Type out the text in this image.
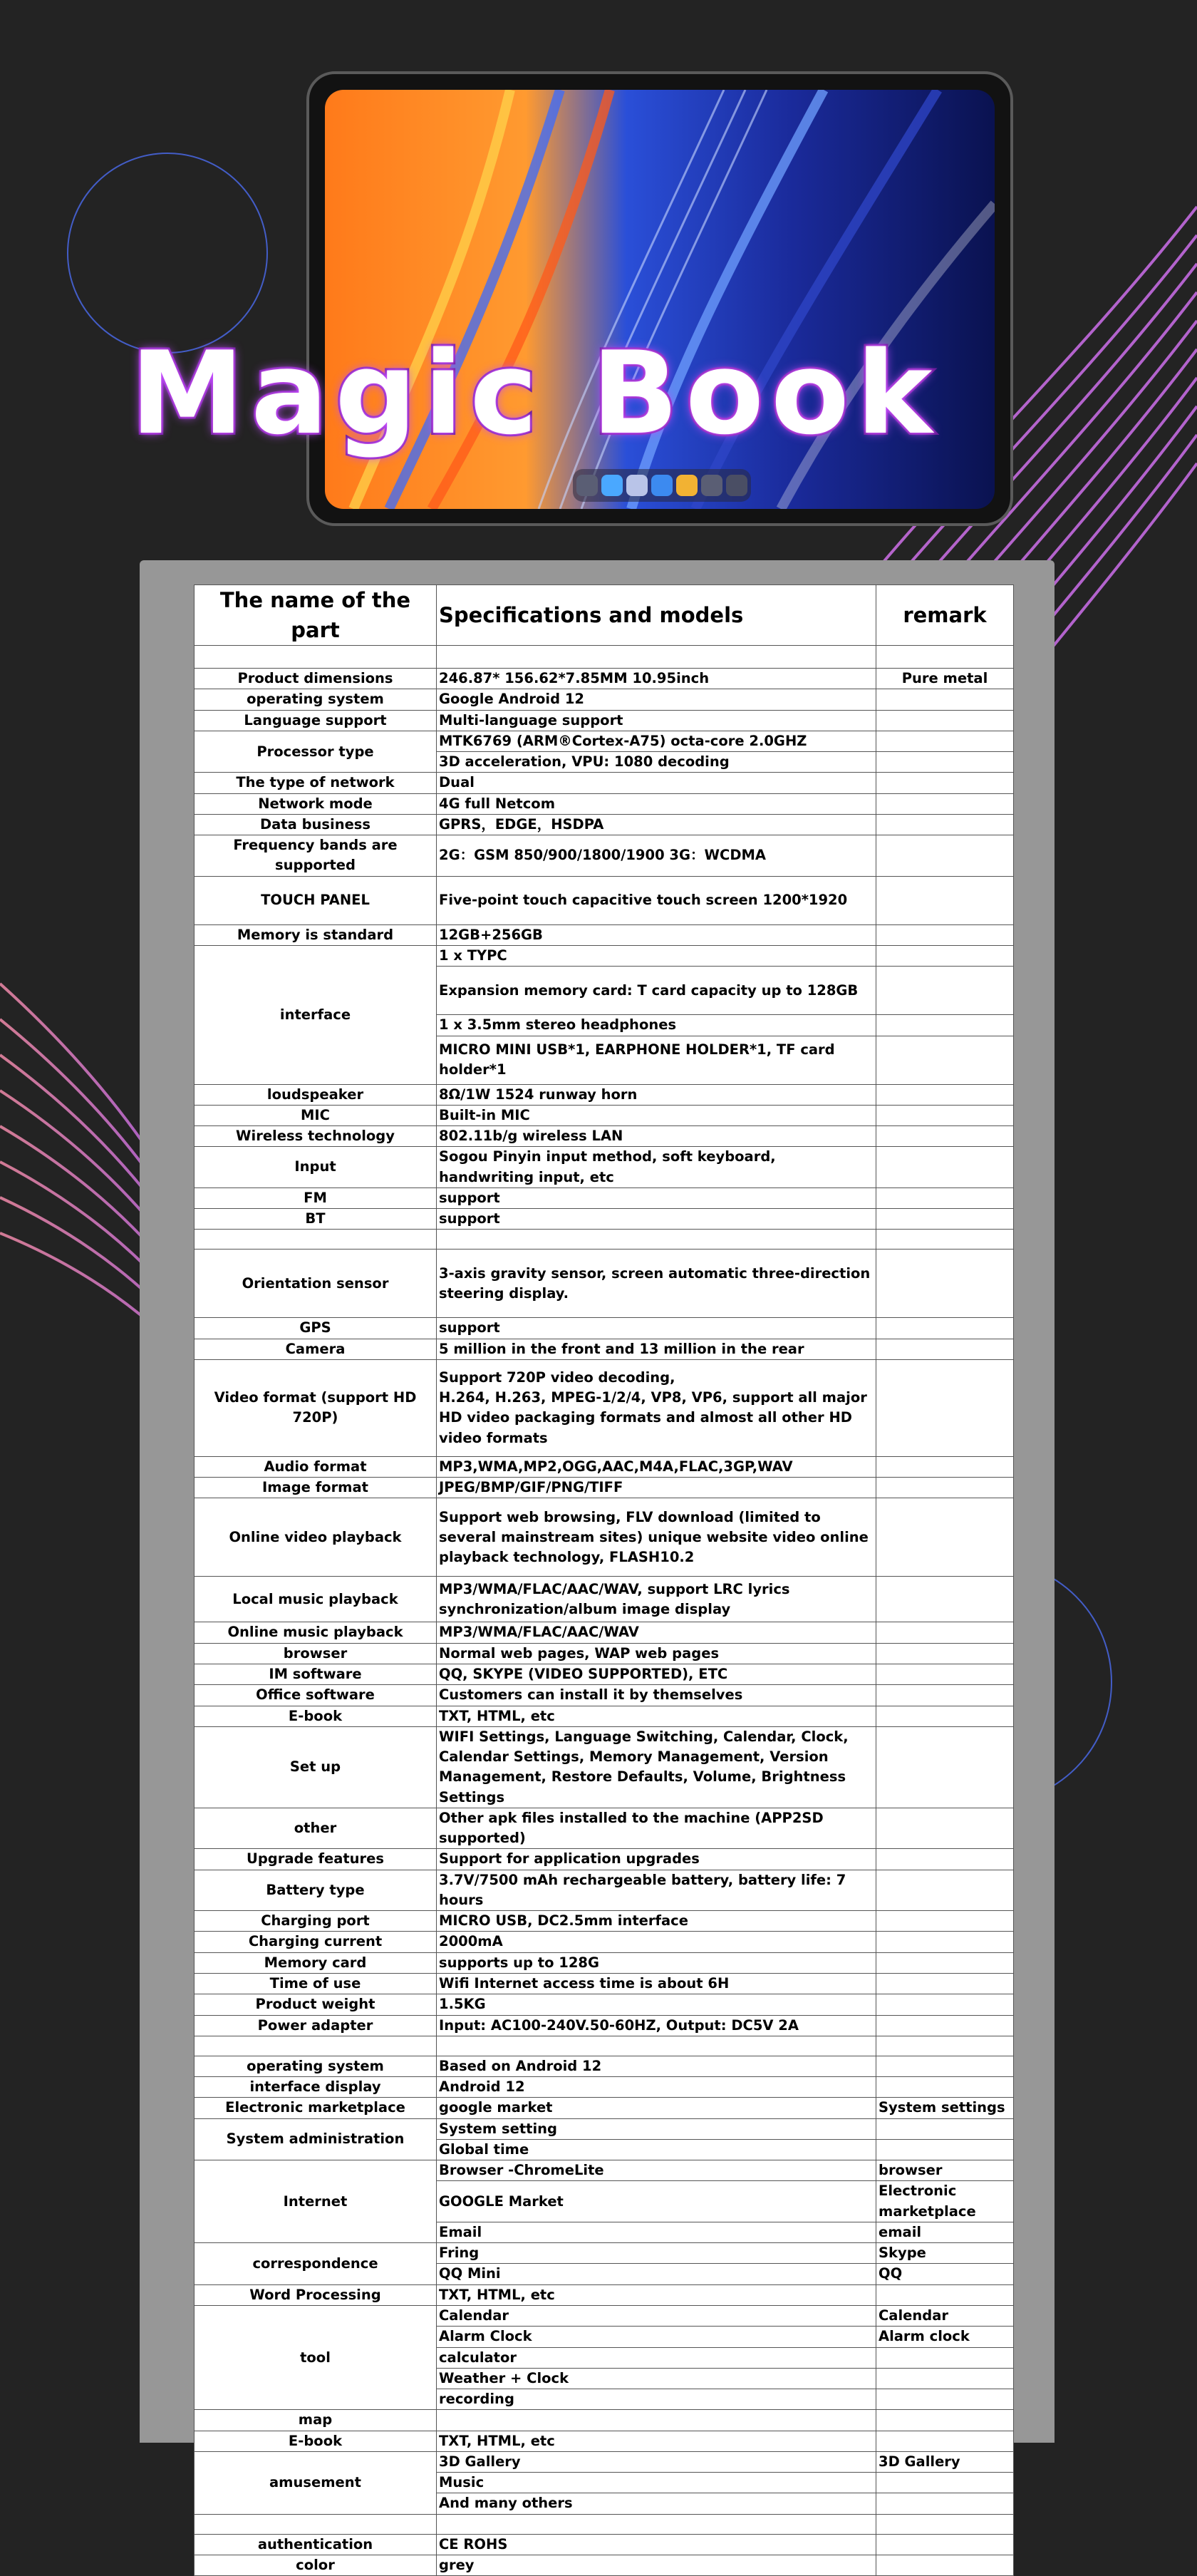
Magic Book
The name of the part	Specifications and models	remark

Product dimensions	246.87* 156.62*7.85MM 10.95inch	Pure metal
operating system	Google Android 12	
Language support	Multi-language support	
Processor type	MTK6769 (ARM®Cortex-A75) octa-core 2.0GHZ	
	3D acceleration, VPU: 1080 decoding	
The type of network	Dual	
Network mode	4G full Netcom	
Data business	GPRS，EDGE，HSDPA	
Frequency bands are supported	2G：GSM 850/900/1800/1900 3G：WCDMA	
TOUCH PANEL	Five-point touch capacitive touch screen 1200*1920	
Memory is standard	12GB+256GB	
interface	1 x TYPC	
	Expansion memory card: T card capacity up to 128GB	
	1 x 3.5mm stereo headphones	
	MICRO MINI USB*1, EARPHONE HOLDER*1, TF card holder*1	
loudspeaker	8Ω/1W 1524 runway horn	
MIC	Built-in MIC	
Wireless technology	802.11b/g wireless LAN	
Input	Sogou Pinyin input method, soft keyboard, handwriting input, etc	
FM	support	
BT	support	

Orientation sensor	3-axis gravity sensor, screen automatic three-direction steering display.	
GPS	support	
Camera	5 million in the front and 13 million in the rear	
Video format (support HD 720P)	Support 720P video decoding,
H.264, H.263, MPEG-1/2/4, VP8, VP6, support all major HD video packaging formats and almost all other HD video formats	
Audio format	MP3,WMA,MP2,OGG,AAC,M4A,FLAC,3GP,WAV	
Image format	JPEG/BMP/GIF/PNG/TIFF	
Online video playback	Support web browsing, FLV download (limited to several mainstream sites) unique website video online playback technology, FLASH10.2	
Local music playback	MP3/WMA/FLAC/AAC/WAV, support LRC lyrics synchronization/album image display	
Online music playback	MP3/WMA/FLAC/AAC/WAV	
browser	Normal web pages, WAP web pages	
IM software	QQ, SKYPE (VIDEO SUPPORTED), ETC	
Office software	Customers can install it by themselves	
E-book	TXT, HTML, etc	
Set up	WIFI Settings, Language Switching, Calendar, Clock, Calendar Settings, Memory Management, Version Management, Restore Defaults, Volume, Brightness Settings	
other	Other apk files installed to the machine (APP2SD supported)	
Upgrade features	Support for application upgrades	
Battery type	3.7V/7500 mAh rechargeable battery, battery life: 7 hours	
Charging port	MICRO USB, DC2.5mm interface	
Charging current	2000mA	
Memory card	supports up to 128G	
Time of use	Wifi Internet access time is about 6H	
Product weight	1.5KG	
Power adapter	Input: AC100-240V.50-60HZ, Output: DC5V 2A	

operating system	Based on Android 12	
interface display	Android 12	
Electronic marketplace	google market	System settings
System administration	System setting	
	Global time	
Internet	Browser -ChromeLite	browser
	GOOGLE Market	Electronic marketplace
	Email	email
correspondence	Fring	Skype
	QQ Mini	QQ
Word Processing	TXT, HTML, etc	
tool	Calendar	Calendar
	Alarm Clock	Alarm clock
	calculator	
	Weather + Clock	
	recording	
map		
E-book	TXT, HTML, etc	
amusement	3D Gallery	3D Gallery
	Music	
	And many others	

authentication	CE ROHS	
color	grey	
